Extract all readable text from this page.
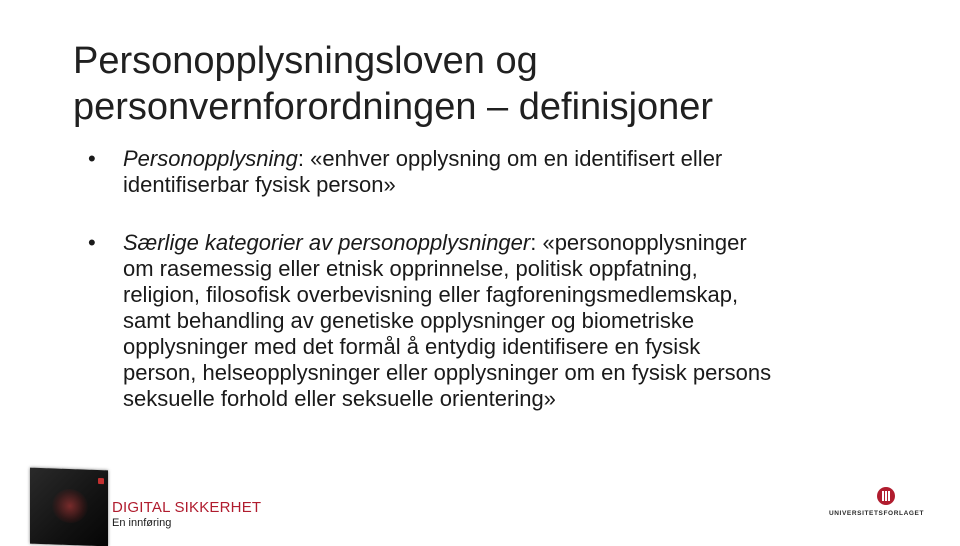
Personopplysningsloven og
personvernforordningen – definisjoner
• Personopplysning: «enhver opplysning om en identifisert eller
identifiserbar fysisk person»
• Særlige kategorier av personopplysninger: «personopplysninger
om rasemessig eller etnisk opprinnelse, politisk oppfatning,
religion, filosofisk overbevisning eller fagforeningsmedlemskap,
samt behandling av genetiske opplysninger og biometriske
opplysninger med det formål å entydig identifisere en fysisk
person, helseopplysninger eller opplysninger om en fysisk persons
seksuelle forhold eller seksuelle orientering»
DIGITAL SIKKERHET
En innføring
UNIVERSITETSFORLAGET
